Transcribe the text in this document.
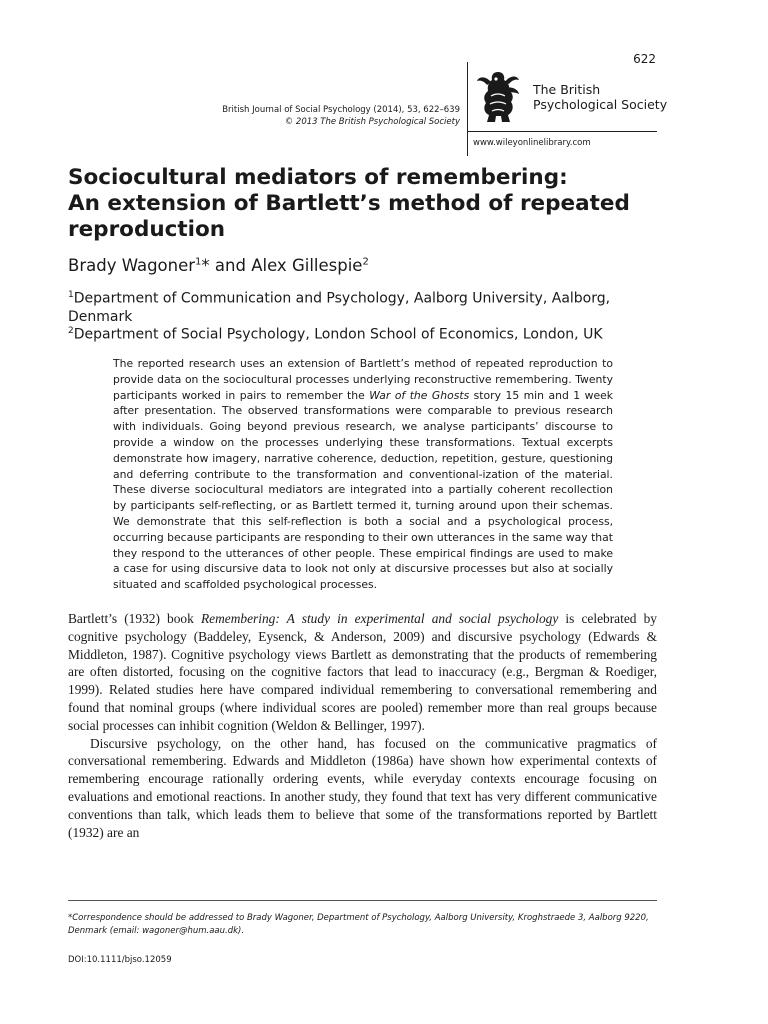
622
British Journal of Social Psychology (2014), 53, 622–639
© 2013 The British Psychological Society
The British
Psychological Society
www.wileyonlinelibrary.com
Sociocultural mediators of remembering:
An extension of Bartlett’s method of repeated
reproduction
Brady Wagoner$^1$* and Alex Gillespie$^2$
$^1$Department of Communication and Psychology, Aalborg University, Aalborg, Denmark
$^2$Department of Social Psychology, London School of Economics, London, UK

The reported research uses an extension of Bartlett’s method of repeated reproduction to provide data on the sociocultural processes underlying reconstructive remembering. Twenty participants worked in pairs to remember the War of the Ghosts story 15 min and 1 week after presentation. The observed transformations were comparable to previous research with individuals. Going beyond previous research, we analyse participants’ discourse to provide a window on the processes underlying these transformations. Textual excerpts demonstrate how imagery, narrative coherence, deduction, repetition, gesture, questioning and deferring contribute to the transformation and conventional-ization of the material. These diverse sociocultural mediators are integrated into a partially coherent recollection by participants self-reflecting, or as Bartlett termed it, turning around upon their schemas. We demonstrate that this self-reflection is both a social and a psychological process, occurring because participants are responding to their own utterances in the same way that they respond to the utterances of other people. These empirical findings are used to make a case for using discursive data to look not only at discursive processes but also at socially situated and scaffolded psychological processes.

Bartlett’s (1932) book Remembering: A study in experimental and social psychology is celebrated by cognitive psychology (Baddeley, Eysenck, & Anderson, 2009) and discursive psychology (Edwards & Middleton, 1987). Cognitive psychology views Bartlett as demonstrating that the products of remembering are often distorted, focusing on the cognitive factors that lead to inaccuracy (e.g., Bergman & Roediger, 1999). Related studies here have compared individual remembering to conversational remembering and found that nominal groups (where individual scores are pooled) remember more than real groups because social processes can inhibit cognition (Weldon & Bellinger, 1997).

Discursive psychology, on the other hand, has focused on the communicative pragmatics of conversational remembering. Edwards and Middleton (1986a) have shown how experimental contexts of remembering encourage rationally ordering events, while everyday contexts encourage focusing on evaluations and emotional reactions. In another study, they found that text has very different communicative conventions than talk, which leads them to believe that some of the transformations reported by Bartlett (1932) are an

*Correspondence should be addressed to Brady Wagoner, Department of Psychology, Aalborg University, Kroghstraede 3, Aalborg 9220, Denmark (email: wagoner@hum.aau.dk).

DOI:10.1111/bjso.12059
